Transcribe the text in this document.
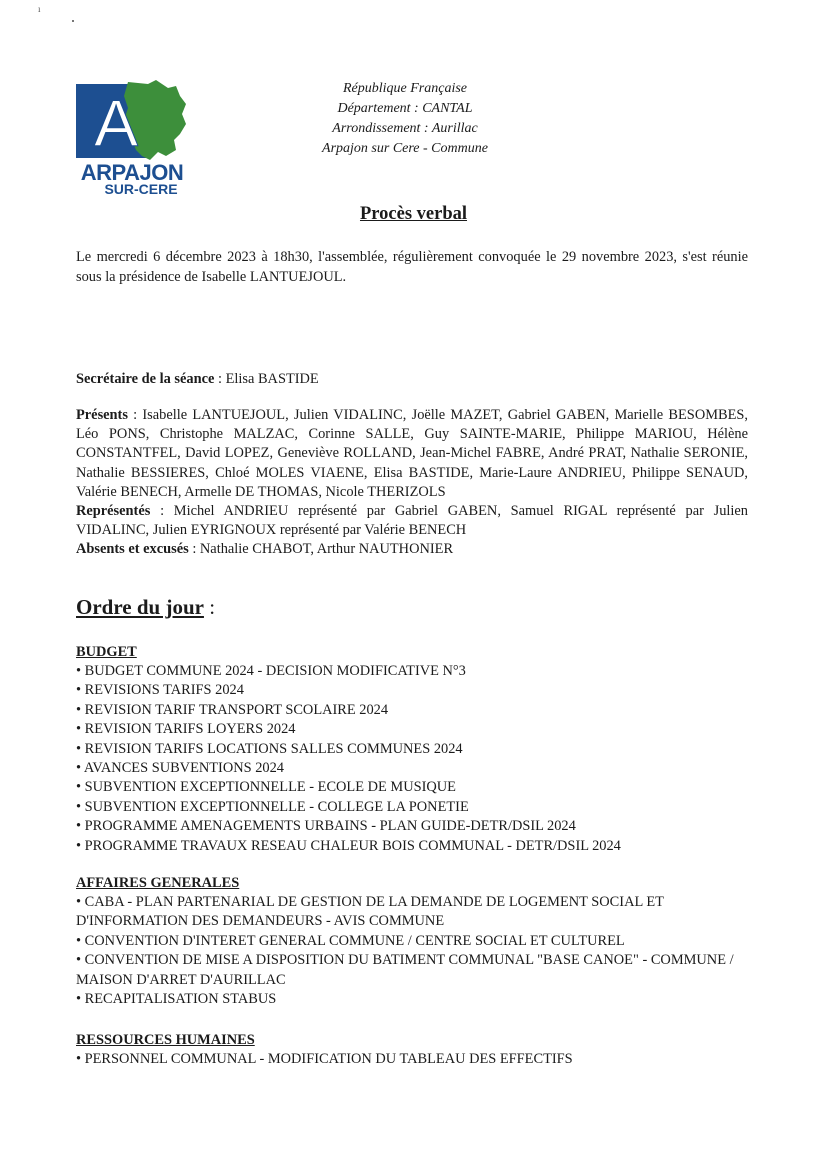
ı
A
ARPAJON
SUR-CERE
République Française
Département : CANTAL
Arrondissement : Aurillac
Arpajon sur Cere - Commune
Procès verbal
Le mercredi 6 décembre 2023 à 18h30, l'assemblée, régulièrement convoquée le 29 novembre 2023, s'est réunie sous la présidence de Isabelle LANTUEJOUL.
Secrétaire de la séance : Elisa BASTIDE
Présents : Isabelle LANTUEJOUL, Julien VIDALINC, Joëlle MAZET, Gabriel GABEN, Marielle BESOMBES, Léo PONS, Christophe MALZAC, Corinne SALLE, Guy SAINTE-MARIE, Philippe MARIOU, Hélène CONSTANTFEL, David LOPEZ, Geneviève ROLLAND, Jean-Michel FABRE, André PRAT, Nathalie SERONIE, Nathalie BESSIERES, Chloé MOLES VIAENE, Elisa BASTIDE, Marie-Laure ANDRIEU, Philippe SENAUD, Valérie BENECH, Armelle DE THOMAS, Nicole THERIZOLS
Représentés : Michel ANDRIEU représenté par Gabriel GABEN, Samuel RIGAL représenté par Julien VIDALINC, Julien EYRIGNOUX représenté par Valérie BENECH
Absents et excusés : Nathalie CHABOT, Arthur NAUTHONIER
Ordre du jour :
BUDGET
• BUDGET COMMUNE 2024 - DECISION MODIFICATIVE N°3
• REVISIONS TARIFS 2024
• REVISION TARIF TRANSPORT SCOLAIRE 2024
• REVISION TARIFS LOYERS 2024
• REVISION TARIFS LOCATIONS SALLES COMMUNES 2024
• AVANCES SUBVENTIONS 2024
• SUBVENTION EXCEPTIONNELLE - ECOLE DE MUSIQUE
• SUBVENTION EXCEPTIONNELLE - COLLEGE LA PONETIE
• PROGRAMME AMENAGEMENTS URBAINS - PLAN GUIDE-DETR/DSIL 2024
• PROGRAMME TRAVAUX RESEAU CHALEUR BOIS COMMUNAL - DETR/DSIL 2024
AFFAIRES GENERALES
• CABA - PLAN PARTENARIAL DE GESTION DE LA DEMANDE DE LOGEMENT SOCIAL ET D'INFORMATION DES DEMANDEURS - AVIS COMMUNE
• CONVENTION D'INTERET GENERAL COMMUNE / CENTRE SOCIAL ET CULTUREL
• CONVENTION DE MISE A DISPOSITION DU BATIMENT COMMUNAL "BASE CANOE" - COMMUNE / MAISON D'ARRET D'AURILLAC
• RECAPITALISATION STABUS
RESSOURCES HUMAINES
• PERSONNEL COMMUNAL - MODIFICATION DU TABLEAU DES EFFECTIFS
